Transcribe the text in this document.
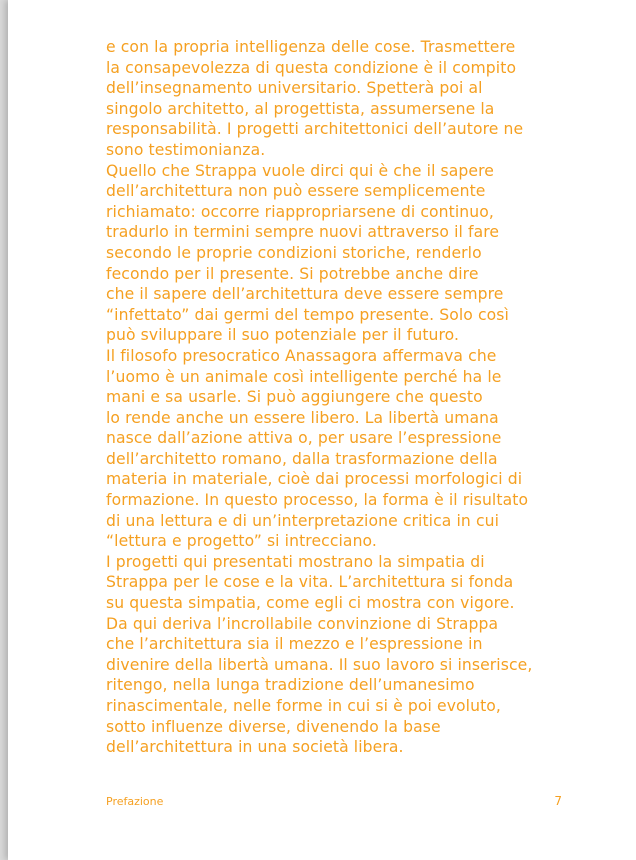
e con la propria intelligenza delle cose. Trasmettere
la consapevolezza di questa condizione è il compito
dell’insegnamento universitario. Spetterà poi al
singolo architetto, al progettista, assumersene la
responsabilità. I progetti architettonici dell’autore ne
sono testimonianza.
Quello che Strappa vuole dirci qui è che il sapere
dell’architettura non può essere semplicemente
richiamato: occorre riappropriarsene di continuo,
tradurlo in termini sempre nuovi attraverso il fare
secondo le proprie condizioni storiche, renderlo
fecondo per il presente. Si potrebbe anche dire
che il sapere dell’architettura deve essere sempre
“infettato” dai germi del tempo presente. Solo così
può sviluppare il suo potenziale per il futuro.
Il filosofo presocratico Anassagora affermava che
l’uomo è un animale così intelligente perché ha le
mani e sa usarle. Si può aggiungere che questo
lo rende anche un essere libero. La libertà umana
nasce dall’azione attiva o, per usare l’espressione
dell’architetto romano, dalla trasformazione della
materia in materiale, cioè dai processi morfologici di
formazione. In questo processo, la forma è il risultato
di una lettura e di un’interpretazione critica in cui
“lettura e progetto” si intrecciano.
I progetti qui presentati mostrano la simpatia di
Strappa per le cose e la vita. L’architettura si fonda
su questa simpatia, come egli ci mostra con vigore.
Da qui deriva l’incrollabile convinzione di Strappa
che l’architettura sia il mezzo e l’espressione in
divenire della libertà umana. Il suo lavoro si inserisce,
ritengo, nella lunga tradizione dell’umanesimo
rinascimentale, nelle forme in cui si è poi evoluto,
sotto influenze diverse, divenendo la base
dell’architettura in una società libera.
Prefazione	7
